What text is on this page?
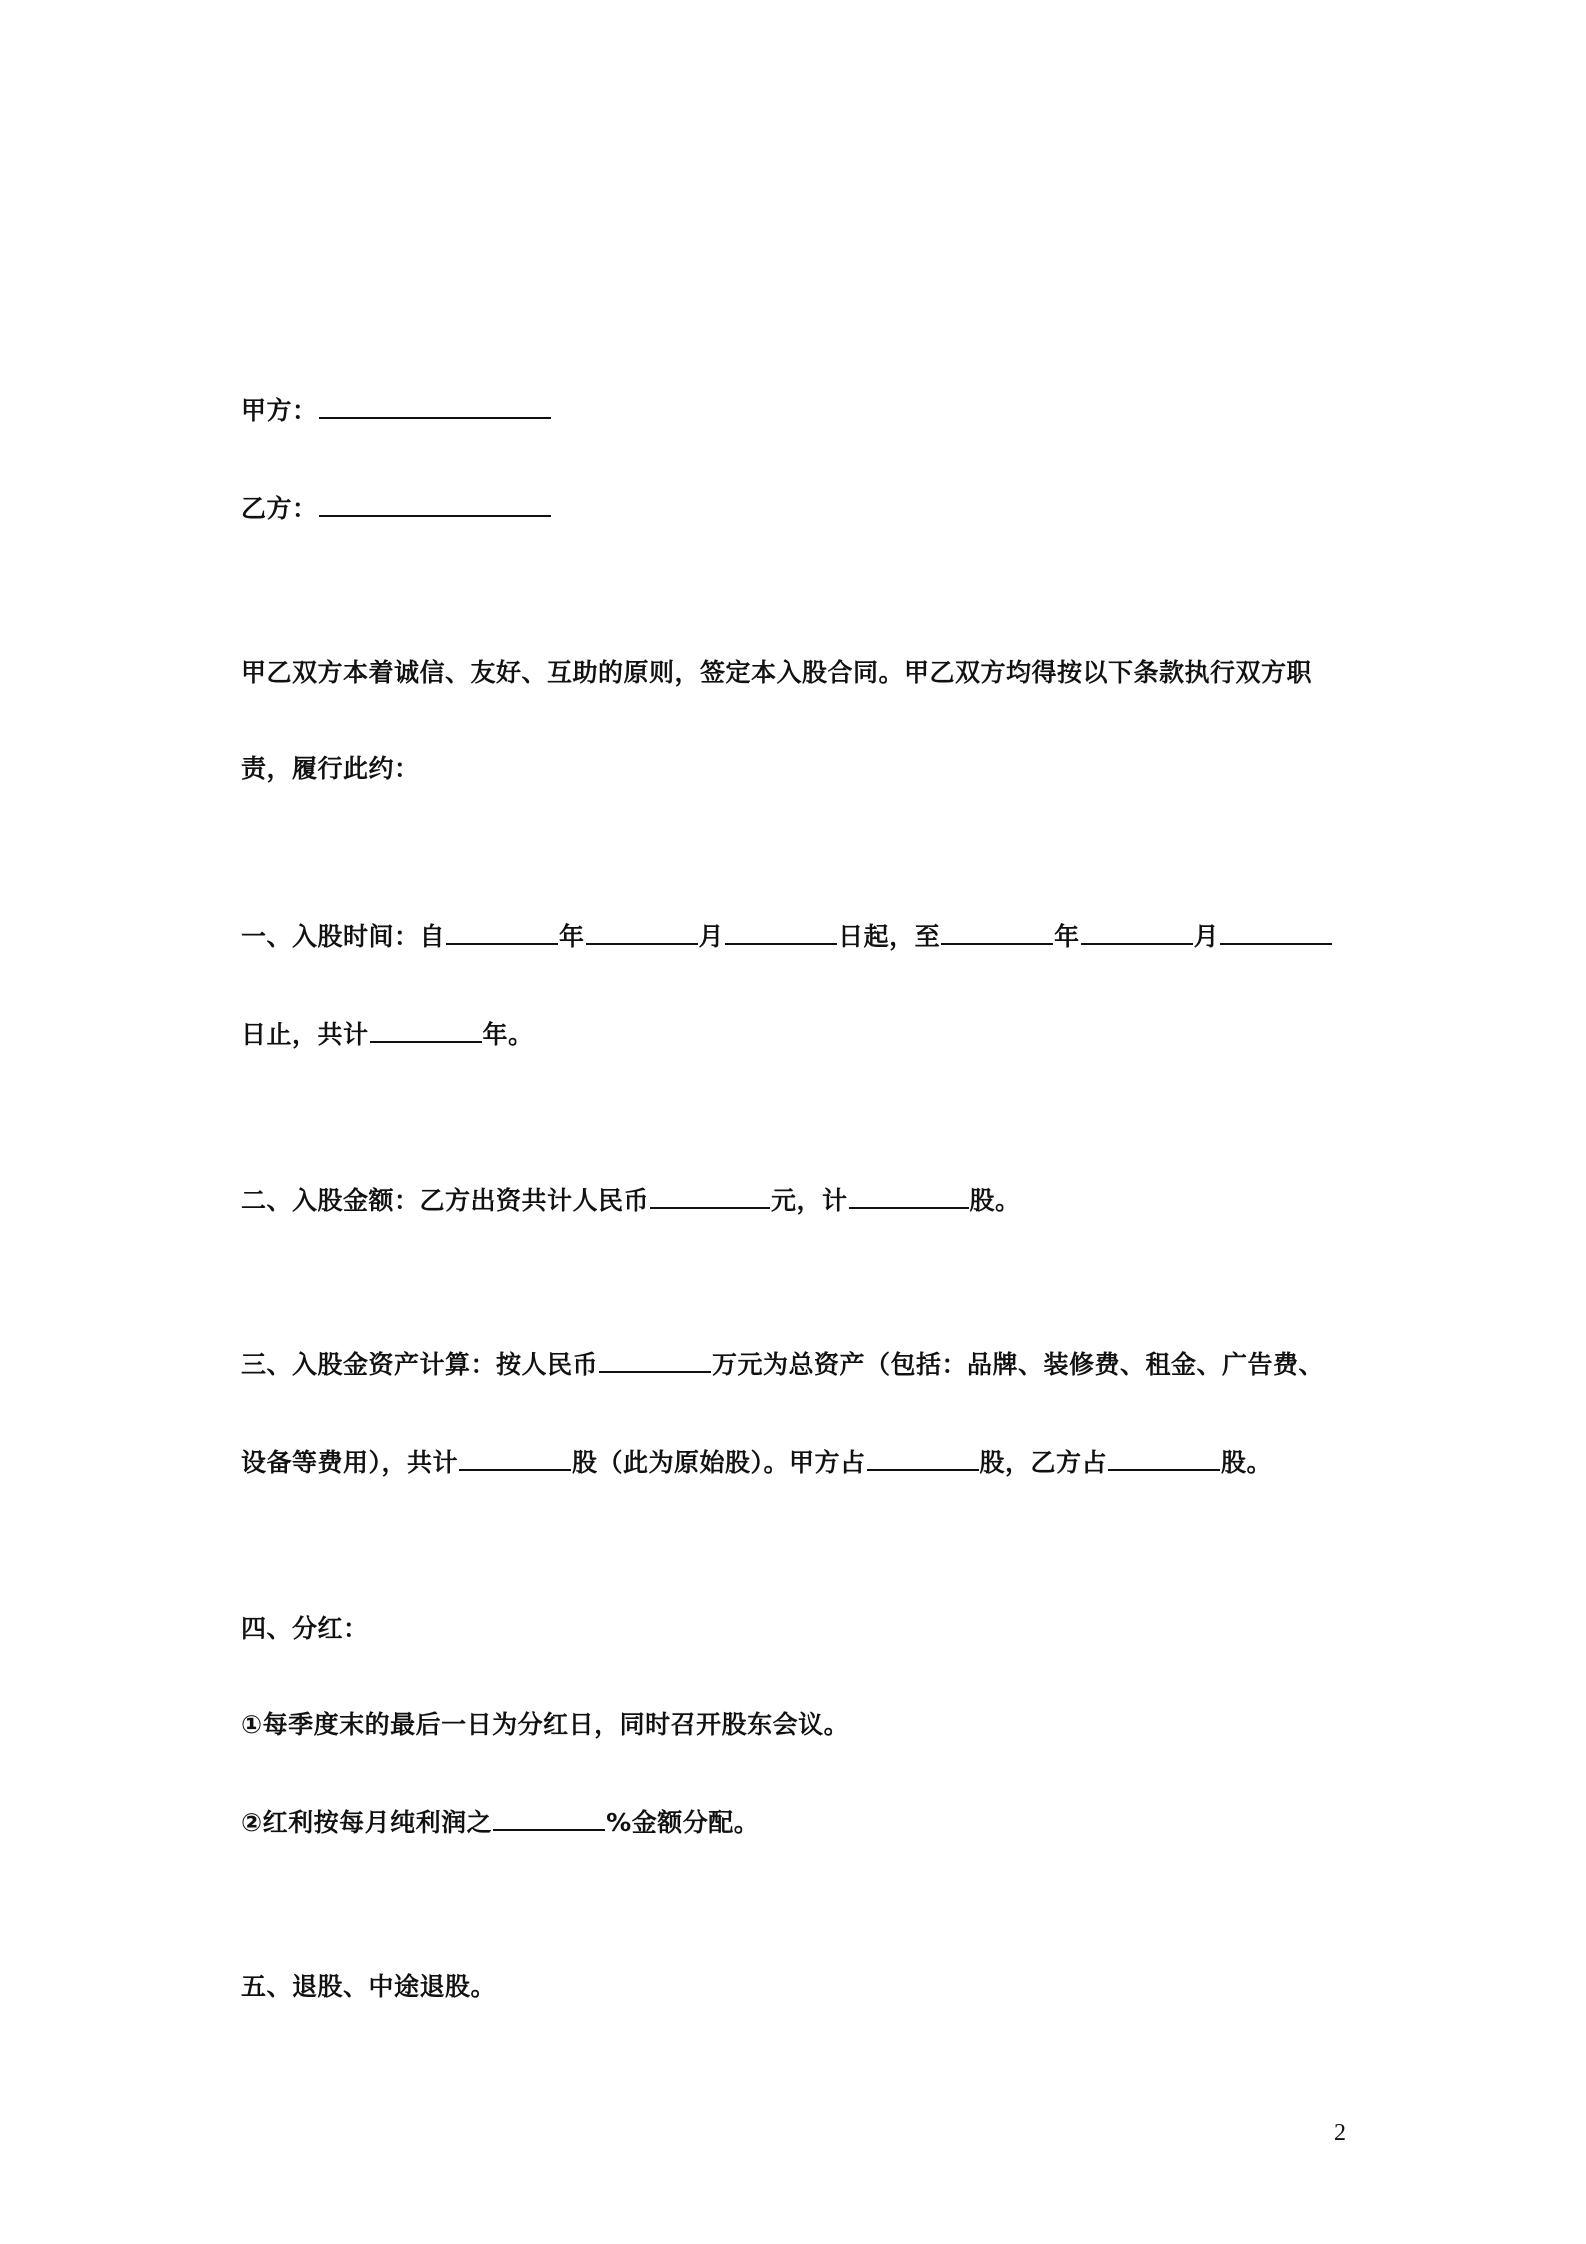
甲方：
乙方：
甲乙双方本着诚信、友好、互助的原则，签定本入股合同。甲乙双方均得按以下条款执行双方职
责，履行此约：
一、入股时间：自	年	月	日起，至	年	月
日止，共计	年。
二、入股金额：乙方出资共计人民币	元，计	股。
三、入股金资产计算：按人民币	万元为总资产（包括：品牌、装修费、租金、广告费、
设备等费用），共计	股（此为原始股）。甲方占	股，乙方占	股。
四、分红：
①每季度末的最后一日为分红日，同时召开股东会议。
②红利按每月纯利润之	%金额分配。
五、退股、中途退股。
2
